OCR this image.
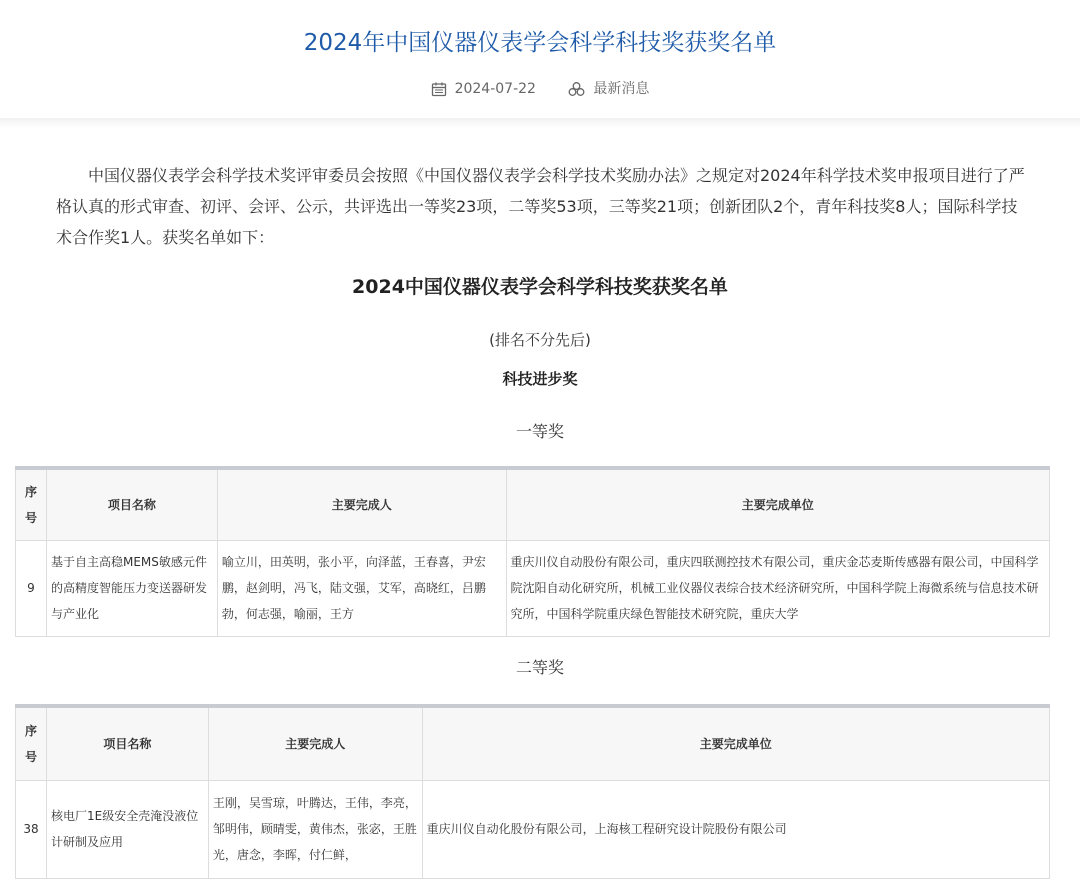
2024年中国仪器仪表学会科学科技奖获奖名单
2024-07-22
	最新消息

中国仪器仪表学会科学技术奖评审委员会按照《中国仪器仪表学会科学技术奖励办法》之规定对2024年科学技术奖申报项目进行了严格认真的形式审查、初评、会评、公示，共评选出一等奖23项，二等奖53项，三等奖21项；创新团队2个，青年科技奖8人；国际科学技术合作奖1人。获奖名单如下：

2024中国仪器仪表学会科学科技奖获奖名单
(排名不分先后)
科技进步奖
一等奖
序号	项目名称	主要完成人	主要完成单位
9	基于自主高稳MEMS敏感元件的高精度智能压力变送器研发与产业化	喻立川，田英明，张小平，向泽蓝，王春喜，尹宏鹏，赵剑明，冯飞，陆文强，艾军，高晓红，吕鹏勃，何志强，喻丽，王方	重庆川仪自动股份有限公司，重庆四联测控技术有限公司，重庆金芯麦斯传感器有限公司，中国科学院沈阳自动化研究所，机械工业仪器仪表综合技术经济研究所，中国科学院上海微系统与信息技术研究所，中国科学院重庆绿色智能技术研究院，重庆大学
二等奖
序号	项目名称	主要完成人	主要完成单位
38	核电厂1E级安全壳淹没液位计研制及应用	王刚，吴雪琼，叶腾达，王伟，李亮，邹明伟，顾晴雯，黄伟杰，张宓，王胜光，唐念，李晖，付仁鲜，	重庆川仪自动化股份有限公司，上海核工程研究设计院股份有限公司
